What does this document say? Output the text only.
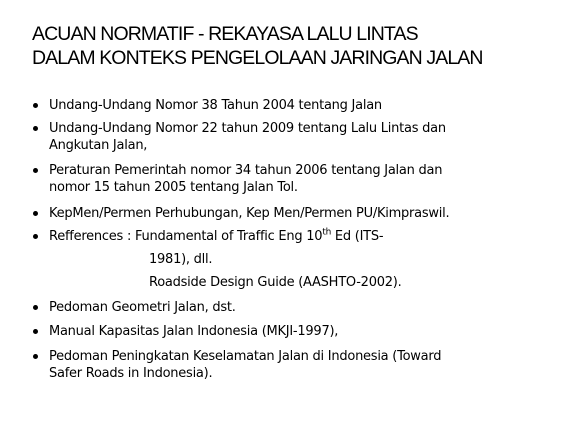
ACUAN NORMATIF - REKAYASA LALU LINTAS
DALAM KONTEKS PENGELOLAAN JARINGAN JALAN
Undang-Undang Nomor 38 Tahun 2004 tentang Jalan
Undang-Undang Nomor 22 tahun 2009 tentang Lalu Lintas dan
Angkutan Jalan,
Peraturan Pemerintah nomor 34 tahun 2006 tentang Jalan dan
nomor 15 tahun 2005 tentang Jalan Tol.
KepMen/Permen Perhubungan, Kep Men/Permen PU/Kimpraswil.
Refferences : Fundamental of Traffic Eng 10th Ed (ITS-
1981), dll.
Roadside Design Guide (AASHTO-2002).
Pedoman Geometri Jalan, dst.
Manual Kapasitas Jalan Indonesia (MKJI-1997),
Pedoman Peningkatan Keselamatan Jalan di Indonesia (Toward
Safer Roads in Indonesia).
